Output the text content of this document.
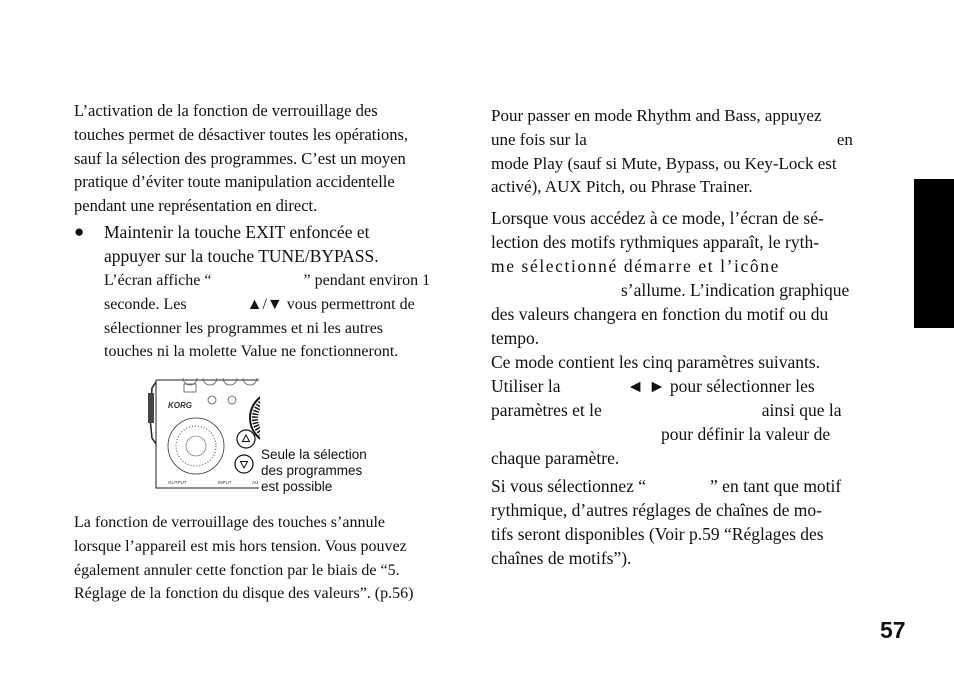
L’activation de la fonction de verrouillage des
touches permet de désactiver toutes les opérations,
sauf la sélection des programmes. C’est un moyen
pratique d’éviter toute manipulation accidentelle
pendant une représentation en direct.
● Maintenir la touche EXIT enfoncée et
appuyer sur la touche TUNE/BYPASS.
L’écran affiche “	” pendant environ 1
seconde. Les	▲/▼ vous permettront de
sélectionner les programmes et ni les autres
touches ni la molette Value ne fonctionneront.
KORG
OUTPUT	INPUT	AU

Seule la sélection
des programmes
est possible

La fonction de verrouillage des touches s’annule
lorsque l’appareil est mis hors tension. Vous pouvez
également annuler cette fonction par le biais de “5.
Réglage de la fonction du disque des valeurs”. (p.56)
Pour passer en mode Rhythm and Bass, appuyez
une fois sur la	en
mode Play (sauf si Mute, Bypass, ou Key-Lock est
activé), AUX Pitch, ou Phrase Trainer.
Lorsque vous accédez à ce mode, l’écran de sé-
lection des motifs rythmiques apparaît, le ryth-
me sélectionné démarre et l’icône
s’allume. L’indication graphique
des valeurs changera en fonction du motif ou du
tempo.
Ce mode contient les cinq paramètres suivants.
Utiliser la	◄ ► pour sélectionner les
paramètres et le	ainsi que la
pour définir la valeur de
chaque paramètre.
Si vous sélectionnez “	” en tant que motif
rythmique, d’autres réglages de chaînes de mo-
tifs seront disponibles (Voir p.59 “Réglages des
chaînes de motifs”).
57
